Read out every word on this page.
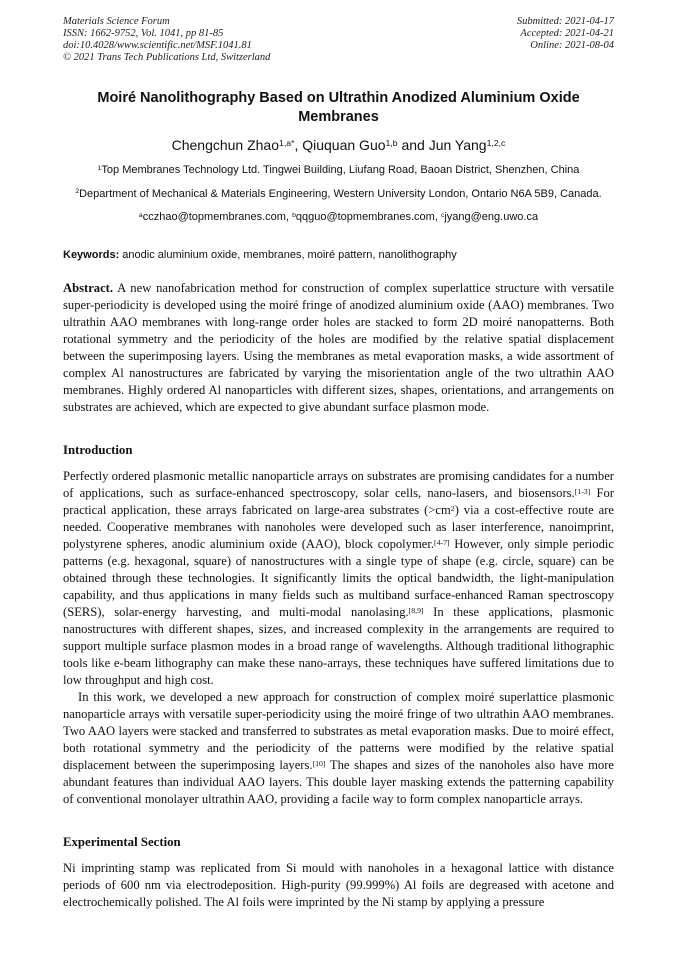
Materials Science Forum
ISSN: 1662-9752, Vol. 1041, pp 81-85
doi:10.4028/www.scientific.net/MSF.1041.81
© 2021 Trans Tech Publications Ltd, Switzerland
Submitted: 2021-04-17
Accepted: 2021-04-21
Online: 2021-08-04
Moiré Nanolithography Based on Ultrathin Anodized Aluminium Oxide Membranes
Chengchun Zhao$^{1,a*}$, Qiuquan Guo$^{1,b}$ and Jun Yang$^{1,2,c}$
$^1$Top Membranes Technology Ltd. Tingwei Building, Liufang Road, Baoan District, Shenzhen, China
$^2$Department of Mechanical & Materials Engineering, Western University London, Ontario N6A 5B9, Canada.
$^a$cczhao@topmembranes.com, $^b$qqguo@topmembranes.com, $^c$jyang@eng.uwo.ca
Keywords: anodic aluminium oxide, membranes, moiré pattern, nanolithography

Abstract. A new nanofabrication method for construction of complex superlattice structure with versatile super-periodicity is developed using the moiré fringe of anodized aluminium oxide (AAO) membranes. Two ultrathin AAO membranes with long-range order holes are stacked to form 2D moiré nanopatterns. Both rotational symmetry and the periodicity of the holes are modified by the relative spatial displacement between the superimposing layers. Using the membranes as metal evaporation masks, a wide assortment of complex Al nanostructures are fabricated by varying the misorientation angle of the two ultrathin AAO membranes. Highly ordered Al nanoparticles with different sizes, shapes, orientations, and arrangements on substrates are achieved, which are expected to give abundant surface plasmon mode.

Introduction

Perfectly ordered plasmonic metallic nanoparticle arrays on substrates are promising candidates for a number of applications, such as surface-enhanced spectroscopy, solar cells, nano-lasers, and biosensors.[1-3] For practical application, these arrays fabricated on large-area substrates $(>cm^2)$ via a cost-effective route are needed. Cooperative membranes with nanoholes were developed such as laser interference, nanoimprint, polystyrene spheres, anodic aluminium oxide (AAO), block copolymer.[4-7] However, only simple periodic patterns (e.g. hexagonal, square) of nanostructures with a single type of shape (e.g. circle, square) can be obtained through these technologies. It significantly limits the optical bandwidth, the light-manipulation capability, and thus applications in many fields such as multiband surface-enhanced Raman spectroscopy (SERS), solar-energy harvesting, and multi-modal nanolasing.[8,9] In these applications, plasmonic nanostructures with different shapes, sizes, and increased complexity in the arrangements are required to support multiple surface plasmon modes in a broad range of wavelengths. Although traditional lithographic tools like e-beam lithography can make these nano-arrays, these techniques have suffered limitations due to low throughput and high cost.

In this work, we developed a new approach for construction of complex moiré superlattice plasmonic nanoparticle arrays with versatile super-periodicity using the moiré fringe of two ultrathin AAO membranes. Two AAO layers were stacked and transferred to substrates as metal evaporation masks. Due to moiré effect, both rotational symmetry and the periodicity of the patterns were modified by the relative spatial displacement between the superimposing layers.[10] The shapes and sizes of the nanoholes also have more abundant features than individual AAO layers. This double layer masking extends the patterning capability of conventional monolayer ultrathin AAO, providing a facile way to form complex nanoparticle arrays.

Experimental Section

Ni imprinting stamp was replicated from Si mould with nanoholes in a hexagonal lattice with distance periods of 600 nm via electrodeposition. High-purity (99.999%) Al foils are degreased with acetone and electrochemically polished. The Al foils were imprinted by the Ni stamp by applying a pressure
